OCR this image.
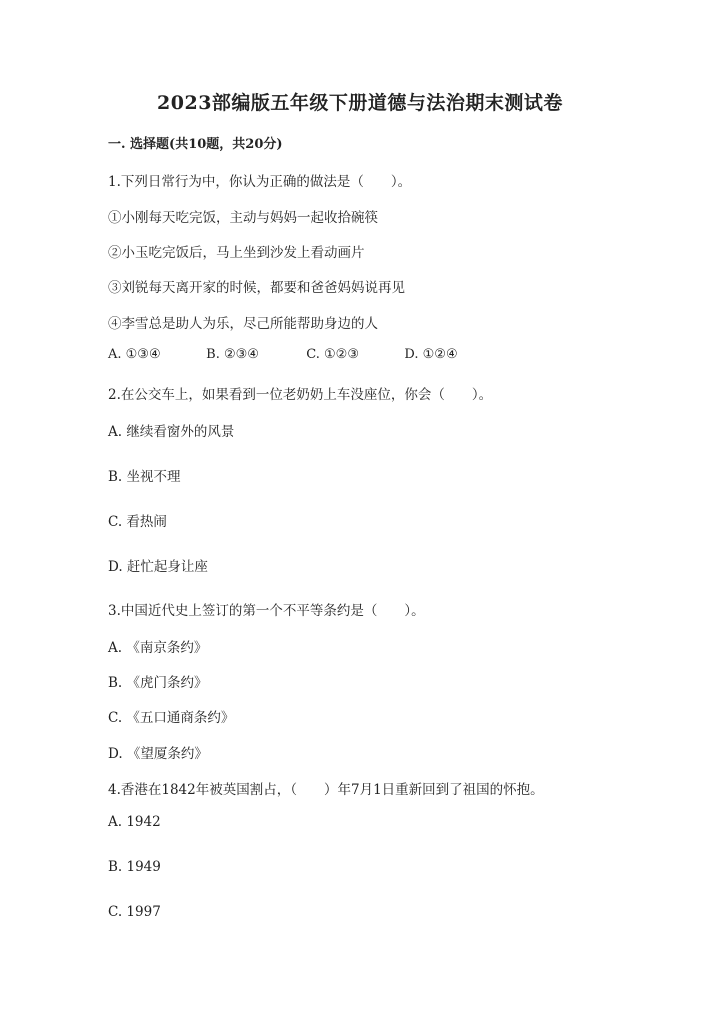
2023部编版五年级下册道德与法治期末测试卷
一. 选择题(共10题，共20分)
1.下列日常行为中，你认为正确的做法是（　　）。
①小刚每天吃完饭，主动与妈妈一起收拾碗筷
②小玉吃完饭后，马上坐到沙发上看动画片
③刘锐每天离开家的时候，都要和爸爸妈妈说再见
④李雪总是助人为乐，尽己所能帮助身边的人
A. ①③④	B. ②③④	C. ①②③	D. ①②④
2.在公交车上，如果看到一位老奶奶上车没座位，你会（　　）。
A. 继续看窗外的风景
B. 坐视不理
C. 看热闹
D. 赶忙起身让座
3.中国近代史上签订的第一个不平等条约是（　　）。
A. 《南京条约》
B. 《虎门条约》
C. 《五口通商条约》
D. 《望厦条约》
4.香港在1842年被英国割占，（　　）年7月1日重新回到了祖国的怀抱。
A. 1942
B. 1949
C. 1997
